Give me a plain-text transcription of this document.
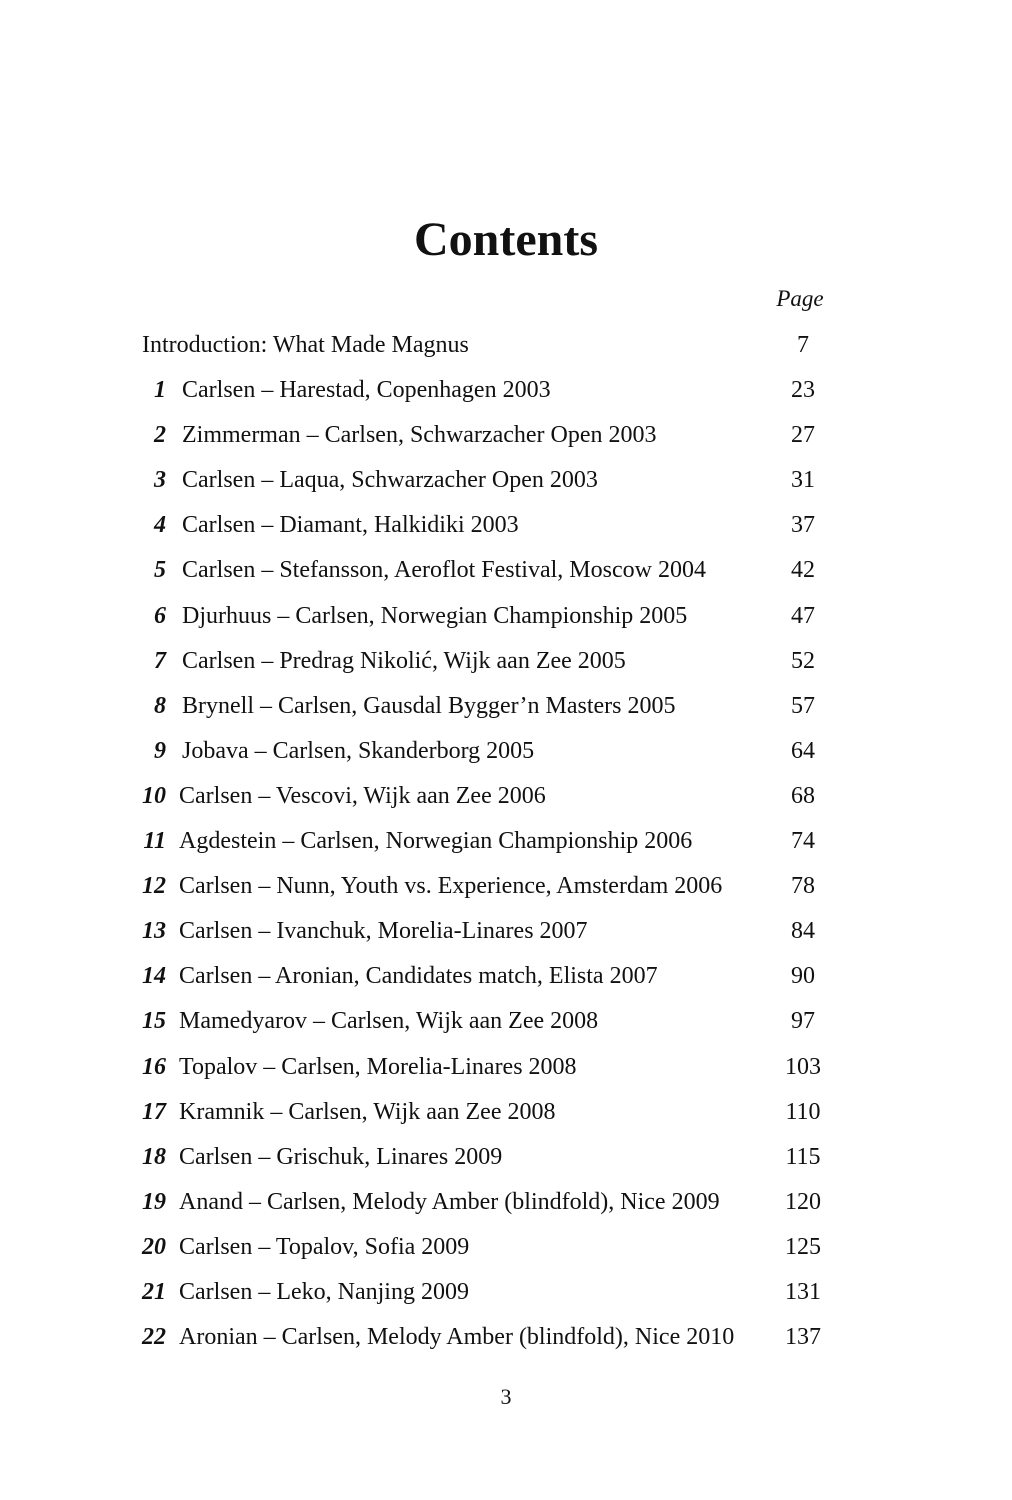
Contents
Page
Introduction: What Made Magnus	7
1 Carlsen – Harestad, Copenhagen 2003	23
2 Zimmerman – Carlsen, Schwarzacher Open 2003	27
3 Carlsen – Laqua, Schwarzacher Open 2003	31
4 Carlsen – Diamant, Halkidiki 2003	37
5 Carlsen – Stefansson, Aeroflot Festival, Moscow 2004	42
6 Djurhuus – Carlsen, Norwegian Championship 2005	47
7 Carlsen – Predrag Nikolić, Wijk aan Zee 2005	52
8 Brynell – Carlsen, Gausdal Bygger’n Masters 2005	57
9 Jobava – Carlsen, Skanderborg 2005	64
10 Carlsen – Vescovi, Wijk aan Zee 2006	68
11 Agdestein – Carlsen, Norwegian Championship 2006	74
12 Carlsen – Nunn, Youth vs. Experience, Amsterdam 2006	78
13 Carlsen – Ivanchuk, Morelia-Linares 2007	84
14 Carlsen – Aronian, Candidates match, Elista 2007	90
15 Mamedyarov – Carlsen, Wijk aan Zee 2008	97
16 Topalov – Carlsen, Morelia-Linares 2008	103
17 Kramnik – Carlsen, Wijk aan Zee 2008	110
18 Carlsen – Grischuk, Linares 2009	115
19 Anand – Carlsen, Melody Amber (blindfold), Nice 2009	120
20 Carlsen – Topalov, Sofia 2009	125
21 Carlsen – Leko, Nanjing 2009	131
22 Aronian – Carlsen, Melody Amber (blindfold), Nice 2010	137
3
